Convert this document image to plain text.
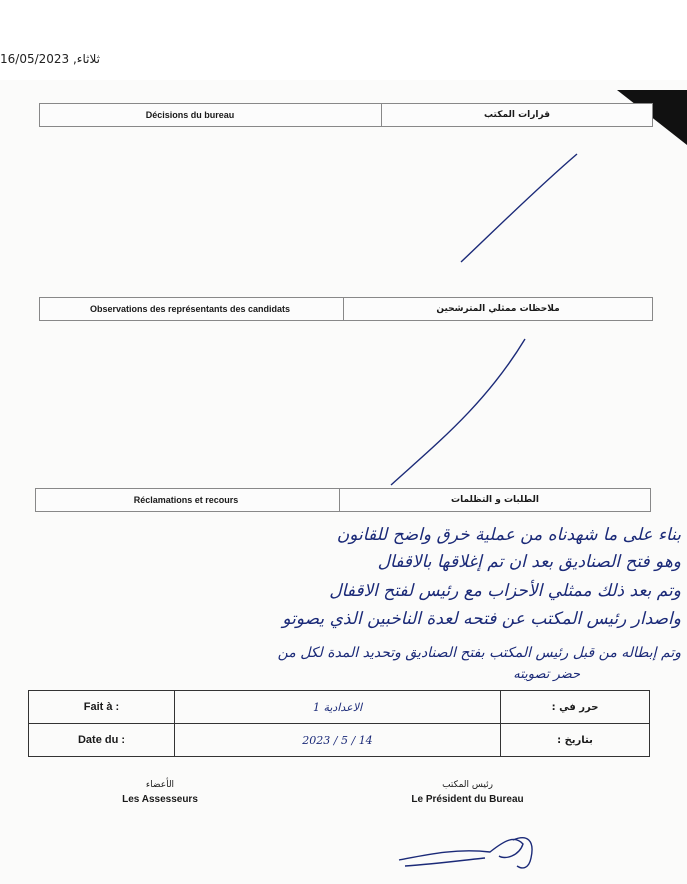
ثلاثاء, 16/05/2023
Décisions du bureau	قرارات المكتب
Observations des représentants des candidats	ملاحظات ممثلي المترشحين
Réclamations et recours	الطلبات و التظلمات
بناء على ما شهدناه من عملية خرق واضح للقانون
وهو فتح الصناديق بعد ان تم إغلاقها بالاقفال
وتم بعد ذلك ممثلي الأحزاب مع رئيس لفتح الاقفال
واصدار رئيس المكتب عن فتحه لعدة الناخبين الذي يصوتو
وتم إبطاله من قبل رئيس المكتب بفتح الصناديق وتحديد المدة لكل من
حضر تصويته
Fait à :	الاعدادية 1	حرر في :
Date du :	2023 / 5 / 14	بتاريخ :
الأعضاء
Les Assesseurs
رئيس المكتب
Le Président du Bureau
